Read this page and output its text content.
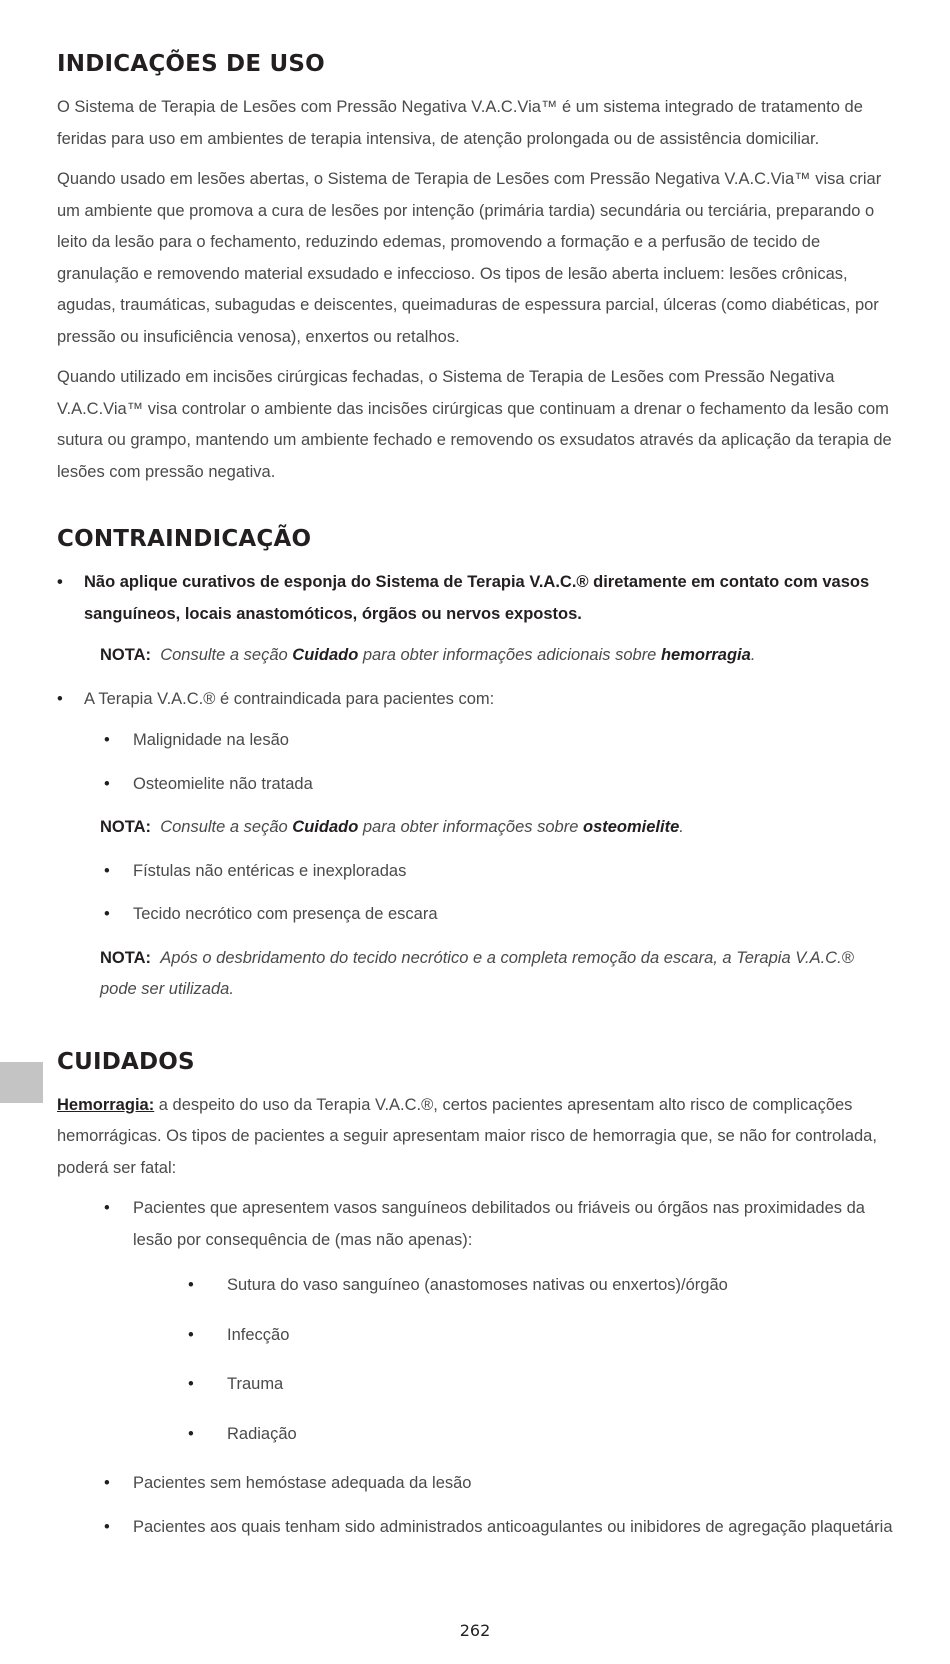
INDICAÇÕES DE USO

O Sistema de Terapia de Lesões com Pressão Negativa V.A.C.Via™ é um sistema integrado de tratamento de feridas para uso em ambientes de terapia intensiva, de atenção prolongada ou de assistência domiciliar.

Quando usado em lesões abertas, o Sistema de Terapia de Lesões com Pressão Negativa V.A.C.Via™ visa criar um ambiente que promova a cura de lesões por intenção (primária tardia) secundária ou terciária, preparando o leito da lesão para o fechamento, reduzindo edemas, promovendo a formação e a perfusão de tecido de granulação e removendo material exsudado e infeccioso. Os tipos de lesão aberta incluem: lesões crônicas, agudas, traumáticas, subagudas e deiscentes, queimaduras de espessura parcial, úlceras (como diabéticas, por pressão ou insuficiência venosa), enxertos ou retalhos.

Quando utilizado em incisões cirúrgicas fechadas, o Sistema de Terapia de Lesões com Pressão Negativa V.A.C.Via™ visa controlar o ambiente das incisões cirúrgicas que continuam a drenar o fechamento da lesão com sutura ou grampo, mantendo um ambiente fechado e removendo os exsudatos através da aplicação da terapia de lesões com pressão negativa.

CONTRAINDICAÇÃO
• Não aplique curativos de esponja do Sistema de Terapia V.A.C.® diretamente em contato com vasos sanguíneos, locais anastomóticos, órgãos ou nervos expostos.
NOTA: Consulte a seção Cuidado para obter informações adicionais sobre hemorragia.
• A Terapia V.A.C.® é contraindicada para pacientes com:
• Malignidade na lesão
• Osteomielite não tratada
NOTA: Consulte a seção Cuidado para obter informações sobre osteomielite.
• Fístulas não entéricas e inexploradas
• Tecido necrótico com presença de escara
NOTA: Após o desbridamento do tecido necrótico e a completa remoção da escara, a Terapia V.A.C.® pode ser utilizada.
CUIDADOS

Hemorragia: a despeito do uso da Terapia V.A.C.®, certos pacientes apresentam alto risco de complicações hemorrágicas. Os tipos de pacientes a seguir apresentam maior risco de hemorragia que, se não for controlada, poderá ser fatal:

• Pacientes que apresentem vasos sanguíneos debilitados ou friáveis ou órgãos nas proximidades da lesão por consequência de (mas não apenas):
• Sutura do vaso sanguíneo (anastomoses nativas ou enxertos)/órgão
• Infecção
• Trauma
• Radiação
• Pacientes sem hemóstase adequada da lesão
• Pacientes aos quais tenham sido administrados anticoagulantes ou inibidores de agregação plaquetária
262
